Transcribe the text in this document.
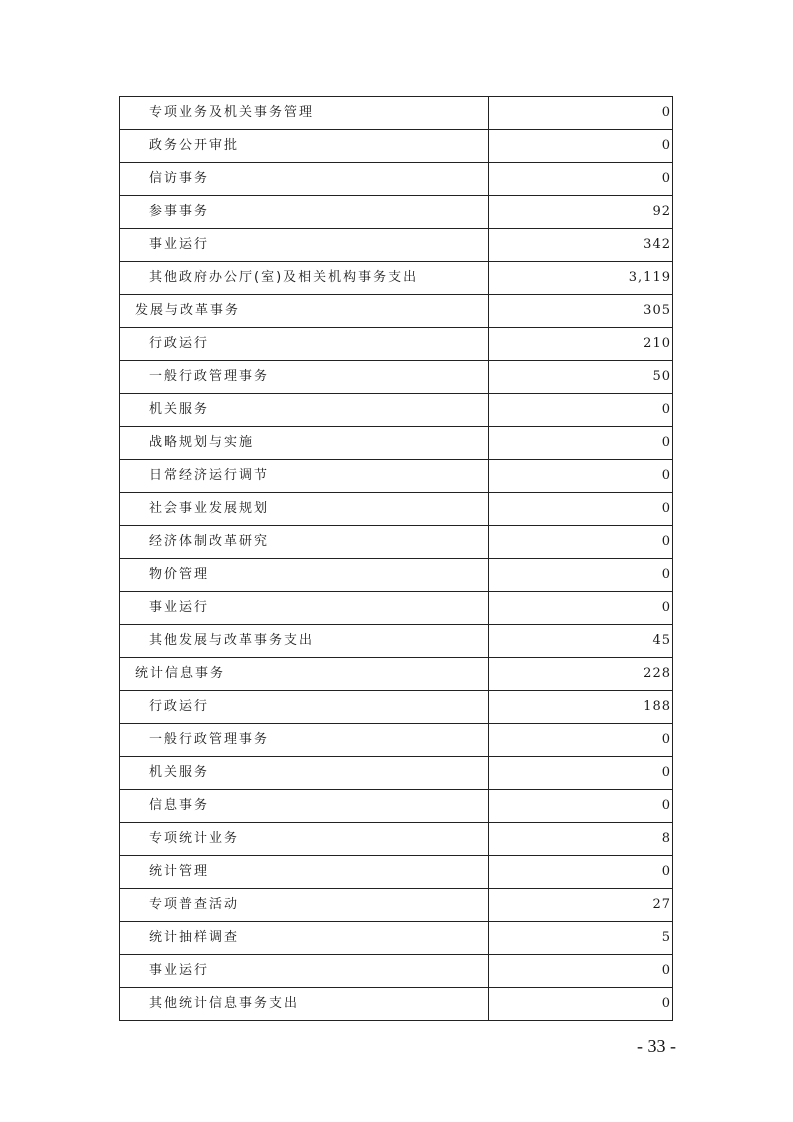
专项业务及机关事务管理	0
政务公开审批	0
信访事务	0
参事事务	92
事业运行	342
其他政府办公厅(室)及相关机构事务支出	3,119
发展与改革事务	305
行政运行	210
一般行政管理事务	50
机关服务	0
战略规划与实施	0
日常经济运行调节	0
社会事业发展规划	0
经济体制改革研究	0
物价管理	0
事业运行	0
其他发展与改革事务支出	45
统计信息事务	228
行政运行	188
一般行政管理事务	0
机关服务	0
信息事务	0
专项统计业务	8
统计管理	0
专项普查活动	27
统计抽样调查	5
事业运行	0
其他统计信息事务支出	0
- 33 -
